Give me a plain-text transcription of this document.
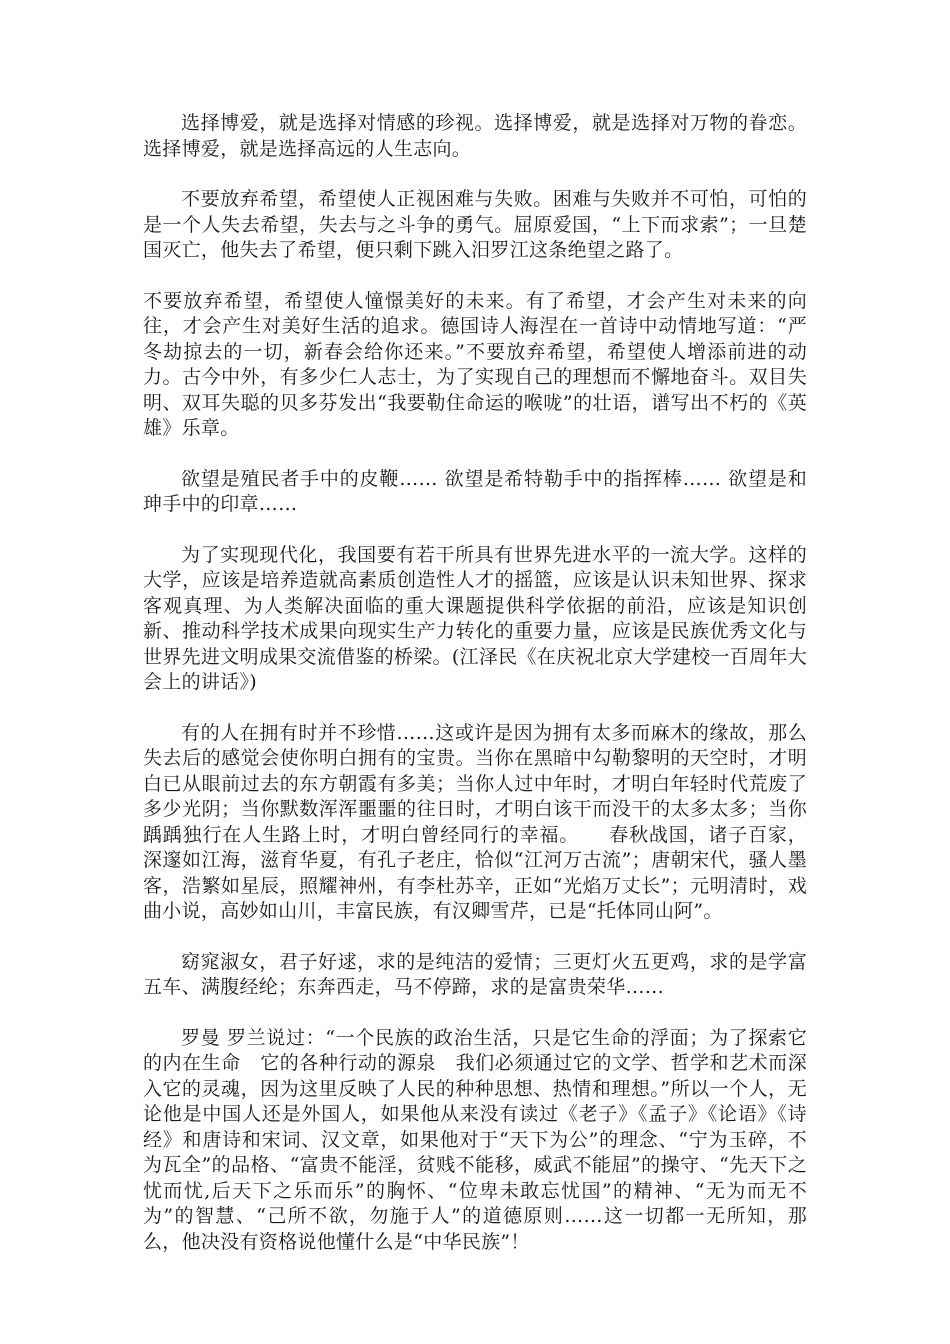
选择博爱，就是选择对情感的珍视。选择博爱，就是选择对万物的眷恋。选择博爱，就是选择高远的人生志向。

不要放弃希望，希望使人正视困难与失败。困难与失败并不可怕，可怕的是一个人失去希望，失去与之斗争的勇气。屈原爱国，“上下而求索”；一旦楚国灭亡，他失去了希望，便只剩下跳入汨罗江这条绝望之路了。

不要放弃希望，希望使人憧憬美好的未来。有了希望，才会产生对未来的向往，才会产生对美好生活的追求。德国诗人海涅在一首诗中动情地写道：“严冬劫掠去的一切，新春会给你还来。”不要放弃希望，希望使人增添前进的动力。古今中外，有多少仁人志士，为了实现自己的理想而不懈地奋斗。双目失明、双耳失聪的贝多芬发出“我要勒住命运的喉咙”的壮语，谱写出不朽的《英雄》乐章。

欲望是殖民者手中的皮鞭…… 欲望是希特勒手中的指挥棒…… 欲望是和珅手中的印章……

为了实现现代化，我国要有若干所具有世界先进水平的一流大学。这样的大学，应该是培养造就高素质创造性人才的摇篮，应该是认识未知世界、探求客观真理、为人类解决面临的重大课题提供科学依据的前沿，应该是知识创新、推动科学技术成果向现实生产力转化的重要力量，应该是民族优秀文化与世界先进文明成果交流借鉴的桥梁。(江泽民《在庆祝北京大学建校一百周年大会上的讲话》)

有的人在拥有时并不珍惜……这或许是因为拥有太多而麻木的缘故，那么失去后的感觉会使你明白拥有的宝贵。当你在黑暗中勾勒黎明的天空时，才明白已从眼前过去的东方朝霞有多美；当你人过中年时，才明白年轻时代荒废了多少光阴；当你默数浑浑噩噩的往日时，才明白该干而没干的太多太多；当你踽踽独行在人生路上时，才明白曾经同行的幸福。　　春秋战国，诸子百家，深邃如江海，滋育华夏，有孔子老庄，恰似“江河万古流”；唐朝宋代，骚人墨客，浩繁如星辰，照耀神州，有李杜苏辛，正如“光焰万丈长”；元明清时，戏曲小说，高妙如山川，丰富民族，有汉卿雪芹，已是“托体同山阿”。

窈窕淑女，君子好逑，求的是纯洁的爱情；三更灯火五更鸡，求的是学富五车、满腹经纶；东奔西走，马不停蹄，求的是富贵荣华……

罗曼 罗兰说过：“一个民族的政治生活，只是它生命的浮面；为了探索它的内在生命　它的各种行动的源泉　我们必须通过它的文学、哲学和艺术而深入它的灵魂，因为这里反映了人民的种种思想、热情和理想。”所以一个人，无论他是中国人还是外国人，如果他从来没有读过《老子》《孟子》《论语》《诗经》和唐诗和宋词、汉文章，如果他对于“天下为公”的理念、“宁为玉碎，不为瓦全”的品格、“富贵不能淫，贫贱不能移，威武不能屈”的操守、“先天下之忧而忧,后天下之乐而乐”的胸怀、“位卑未敢忘忧国”的精神、“无为而无不为”的智慧、“己所不欲，勿施于人”的道德原则……这一切都一无所知，那么，他决没有资格说他懂什么是“中华民族”！
